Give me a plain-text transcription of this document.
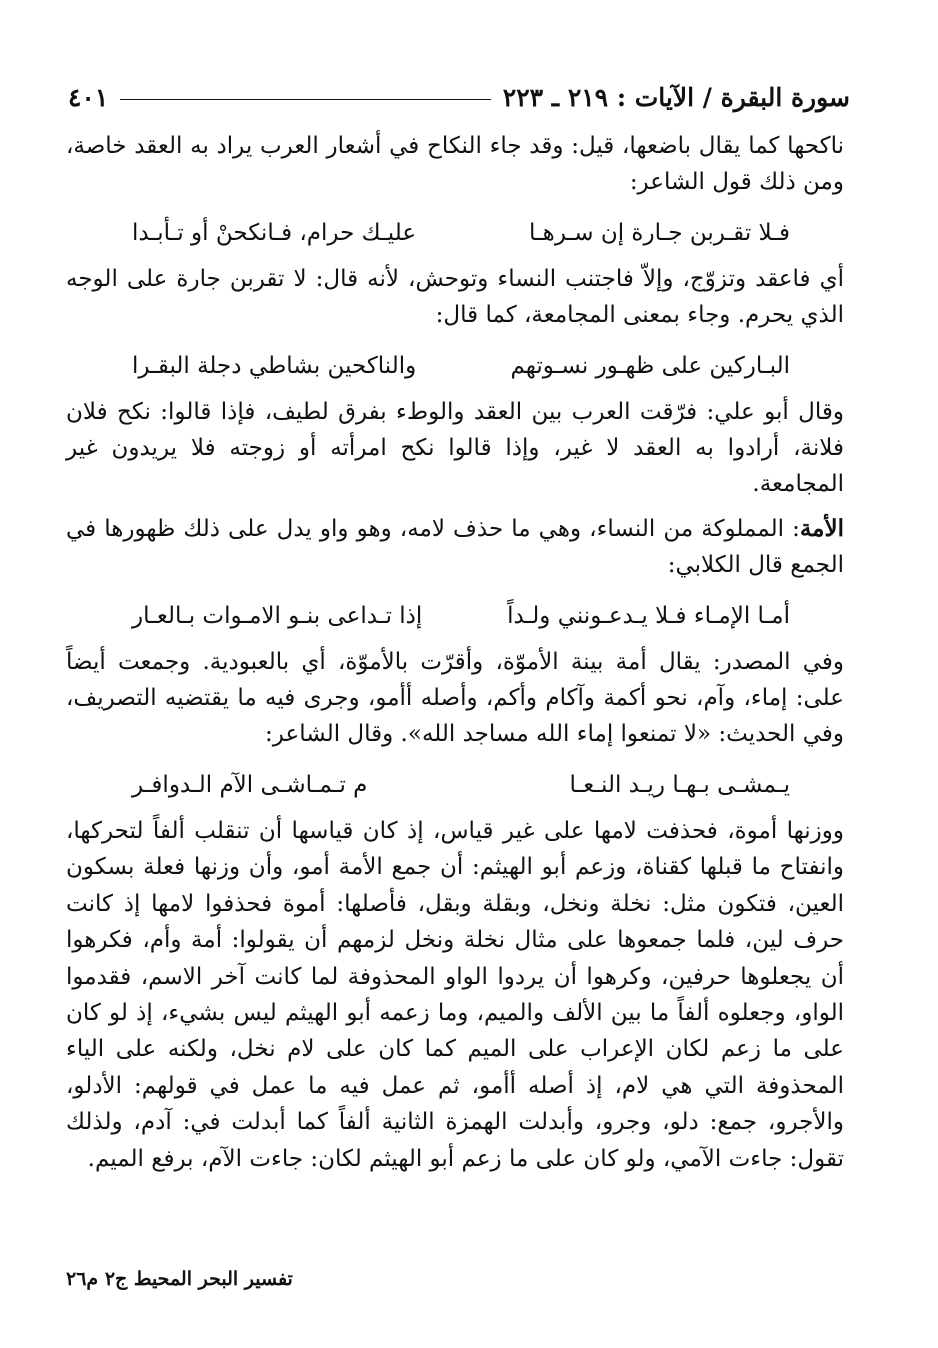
سورة البقرة / الآيات : ٢١٩ ـ ٢٢٣
٤٠١

ناكحها كما يقال باضعها، قيل: وقد جاء النكاح في أشعار العرب يراد به العقد خاصة، ومن ذلك قول الشاعر:

فـلا تقـربن جـارة إن سـرهـا
عليـك حرام، فـانكحنْ أو تـأبـدا

أي فاعقد وتزوّج، وإلاّ فاجتنب النساء وتوحش، لأنه قال: لا تقربن جارة على الوجه الذي يحرم. وجاء بمعنى المجامعة، كما قال:

البـاركين على ظهـور نسـوتهم
والناكحين بشاطي دجلة البقـرا

وقال أبو علي: فرّقت العرب بين العقد والوطء بفرق لطيف، فإذا قالوا: نكح فلان فلانة، أرادوا به العقد لا غير، وإذا قالوا نكح امرأته أو زوجته فلا يريدون غير المجامعة.

الأمة: المملوكة من النساء، وهي ما حذف لامه، وهو واو يدل على ذلك ظهورها في الجمع قال الكلابي:

أمـا الإمـاء فـلا يـدعـونني ولـداً
إذا تـداعى بنـو الامـوات بـالعـار

وفي المصدر: يقال أمة بينة الأموّة، وأقرّت بالأموّة، أي بالعبودية. وجمعت أيضاً على: إماء، وآم، نحو أكمة وآكام وأكم، وأصله أأمو، وجرى فيه ما يقتضيه التصريف، وفي الحديث: «لا تمنعوا إماء الله مساجد الله». وقال الشاعر:

يـمشـى بـهـا ريـد النـعـا
م تـمـاشـى الآم الـدوافـر

ووزنها أموة، فحذفت لامها على غير قياس، إذ كان قياسها أن تنقلب ألفاً لتحركها، وانفتاح ما قبلها كقناة، وزعم أبو الهيثم: أن جمع الأمة أمو، وأن وزنها فعلة بسكون العين، فتكون مثل: نخلة ونخل، وبقلة وبقل، فأصلها: أموة فحذفوا لامها إذ كانت حرف لين، فلما جمعوها على مثال نخلة ونخل لزمهم أن يقولوا: أمة وأم، فكرهوا أن يجعلوها حرفين، وكرهوا أن يردوا الواو المحذوفة لما كانت آخر الاسم، فقدموا الواو، وجعلوه ألفاً ما بين الألف والميم، وما زعمه أبو الهيثم ليس بشيء، إذ لو كان على ما زعم لكان الإعراب على الميم كما كان على لام نخل، ولكنه على الياء المحذوفة التي هي لام، إذ أصله أأمو، ثم عمل فيه ما عمل في قولهم: الأدلو، والأجرو، جمع: دلو، وجرو، وأبدلت الهمزة الثانية ألفاً كما أبدلت في: آدم، ولذلك تقول: جاءت الآمي، ولو كان على ما زعم أبو الهيثم لكان: جاءت الآم، برفع الميم.

تفسير البحر المحيط ج٢ م٢٦
